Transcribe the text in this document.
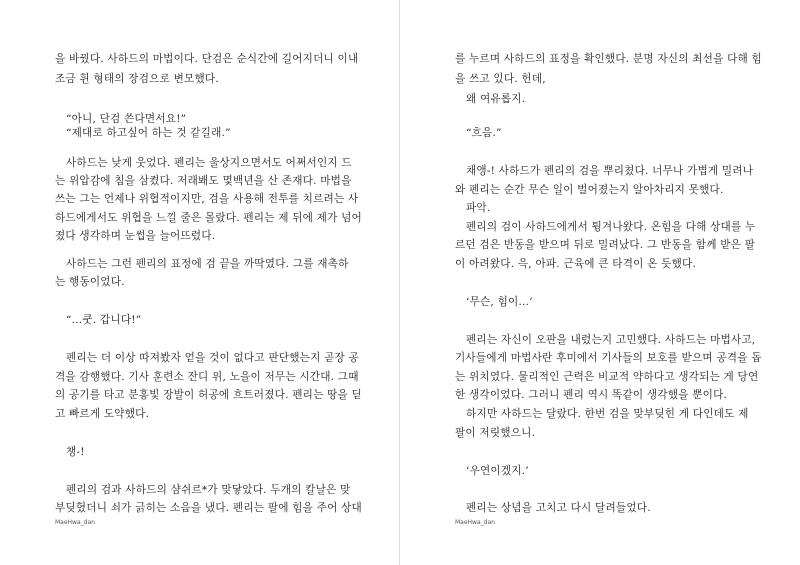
을 바꿨다. 사하드의 마법이다. 단검은 순식간에 길어지더니 이내
조금 휜 형태의 장검으로 변모했다.
“아니, 단검 쓴다면서요!”
“제대로 하고싶어 하는 것 같길래.”
사하드는 낮게 웃었다. 펜리는 울상지으면서도 어쩌서인지 드
는 위압감에 침을 삼켰다. 저래봬도 몇백년을 산 존재다. 마법을
쓰는 그는 언제나 위협적이지만, 검을 사용해 전투를 치르려는 사
하드에게서도 위협을 느낄 줄은 몰랐다. 펜리는 제 뒤에 제가 넘어
졌다 생각하며 눈썹을 늘어뜨렸다.
사하드는 그런 펜리의 표정에 검 끝을 까딱였다. 그를 재촉하
는 행동이었다.
“…쿳. 갑니다!”
펜리는 더 이상 따져봤자 얻을 것이 없다고 판단했는지 곧장 공
격을 감행했다. 기사 훈련소 잔디 위, 노을이 저무는 시간대. 그때
의 공기를 타고 분홍빛 장발이 허공에 흐트러졌다. 펜리는 땅을 딛
고 빠르게 도약했다.
챙-!
펜리의 검과 사하드의 샴쉬르*가 맞닿았다. 두개의 칼날은 맞
부딪혔더니 쇠가 긁히는 소음을 냈다. 펜리는 팔에 힘을 주어 상대
MaeHwa_dan
를 누르며 사하드의 표정을 확인했다. 분명 자신의 최선을 다해 힘
을 쓰고 있다. 헌데,
왜 여유롭지.
“흐음.”
채앵-! 사하드가 펜리의 검을 뿌리쳤다. 너무나 가볍게 밀려나
와 펜리는 순간 무슨 일이 벌어졌는지 알아차리지 못했다.
파악.
펜리의 검이 사하드에게서 튕겨나왔다. 온힘을 다해 상대를 누
르던 검은 반동을 받으며 뒤로 밀려났다. 그 반동을 함께 받은 팔
이 아려왔다. 윽, 아파. 근육에 큰 타격이 온 듯했다.
‘무슨, 힘이…’
펜리는 자신이 오판을 내렸는지 고민했다. 사하드는 마법사고,
기사들에게 마법사란 후미에서 기사들의 보호를 받으며 공격을 돕
는 위치였다. 물리적인 근력은 비교적 약하다고 생각되는 게 당연
한 생각이었다. 그러니 펜리 역시 똑같이 생각했을 뿐이다.
하지만 사하드는 달랐다. 한번 검을 맞부딪힌 게 다인데도 제
팔이 저릿했으니.
‘우연이겠지.’
펜리는 상념을 고치고 다시 달려들었다.
MaeHwa_dan
